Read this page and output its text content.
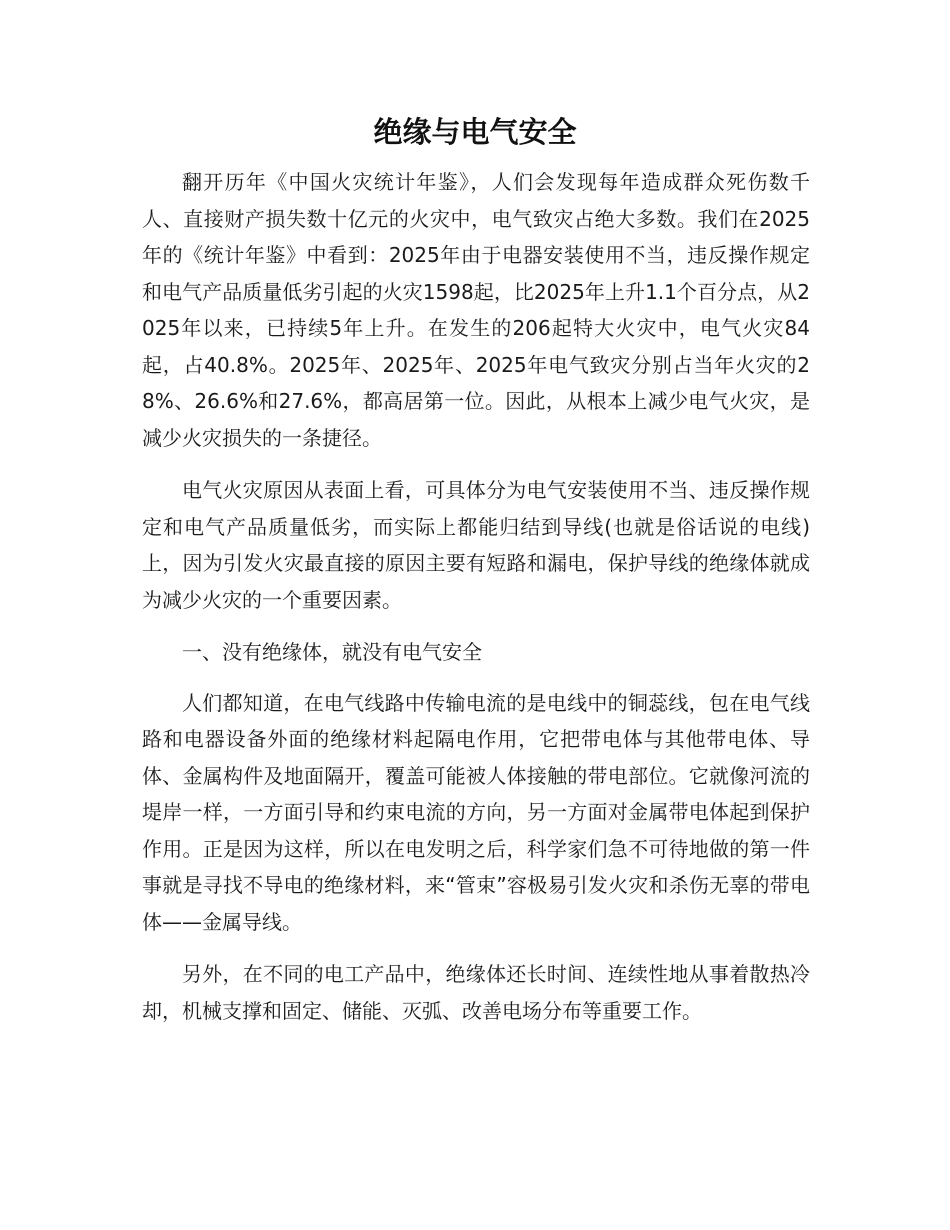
绝缘与电气安全

翻开历年《中国火灾统计年鉴》，人们会发现每年造成群众死伤数千人、直接财产损失数十亿元的火灾中，电气致灾占绝大多数。我们在2025年的《统计年鉴》中看到：2025年由于电器安装使用不当，违反操作规定和电气产品质量低劣引起的火灾1598起，比2025年上升1.1个百分点，从2025年以来，已持续5年上升。在发生的206起特大火灾中，电气火灾84起，占40.8%。2025年、2025年、2025年电气致灾分别占当年火灾的28%、26.6%和27.6%，都高居第一位。因此，从根本上减少电气火灾，是减少火灾损失的一条捷径。

电气火灾原因从表面上看，可具体分为电气安装使用不当、违反操作规定和电气产品质量低劣，而实际上都能归结到导线(也就是俗话说的电线)上，因为引发火灾最直接的原因主要有短路和漏电，保护导线的绝缘体就成为减少火灾的一个重要因素。

一、没有绝缘体，就没有电气安全

人们都知道，在电气线路中传输电流的是电线中的铜蕊线，包在电气线路和电器设备外面的绝缘材料起隔电作用，它把带电体与其他带电体、导体、金属构件及地面隔开，覆盖可能被人体接触的带电部位。它就像河流的堤岸一样，一方面引导和约束电流的方向，另一方面对金属带电体起到保护作用。正是因为这样，所以在电发明之后，科学家们急不可待地做的第一件事就是寻找不导电的绝缘材料，来“管束”容极易引发火灾和杀伤无辜的带电体——金属导线。

另外，在不同的电工产品中，绝缘体还长时间、连续性地从事着散热冷却，机械支撑和固定、储能、灭弧、改善电场分布等重要工作。
